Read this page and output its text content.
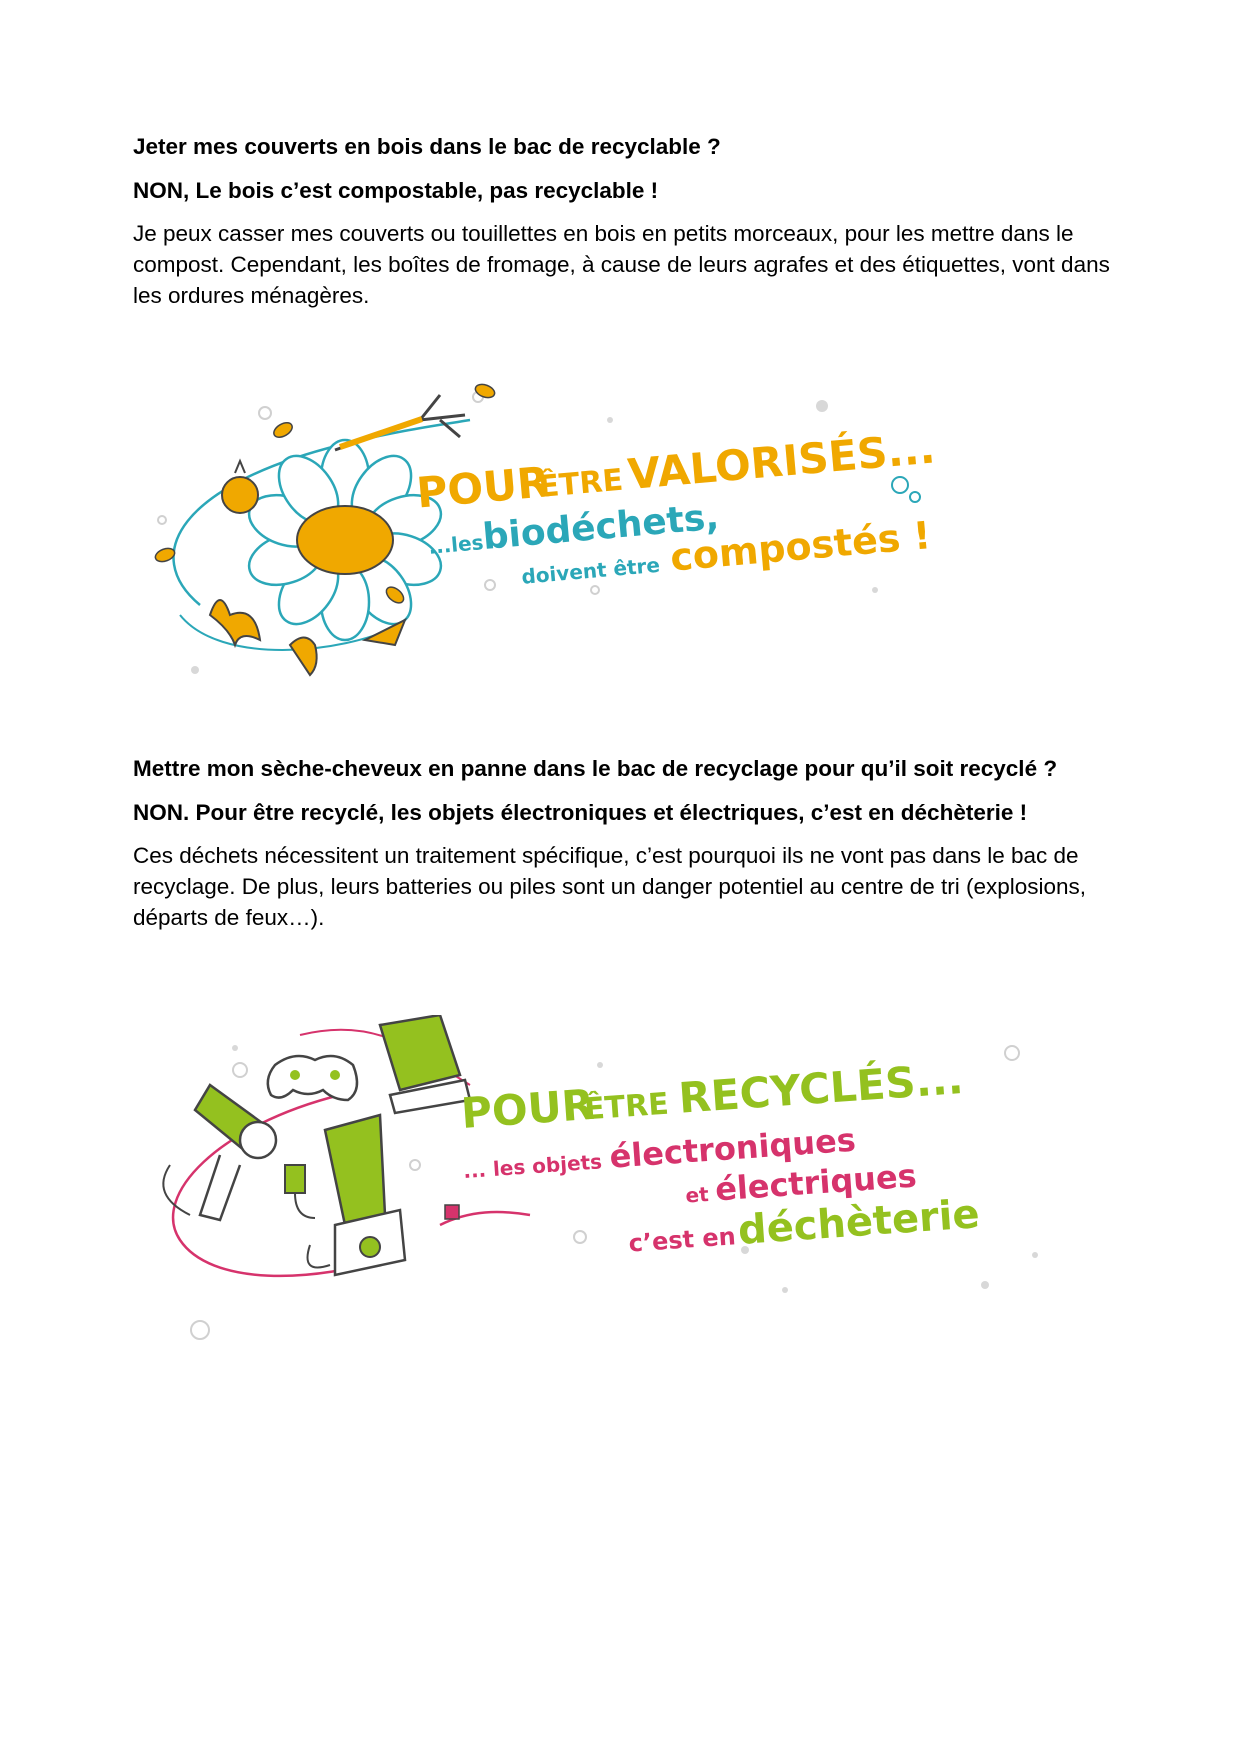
Jeter mes couverts en bois dans le bac de recyclable ?

NON, Le bois c’est compostable, pas recyclable !

Je peux casser mes couverts ou touillettes en bois en petits morceaux, pour les mettre dans le compost. Cependant, les boîtes de fromage, à cause de leurs agrafes et des étiquettes, vont dans les ordures ménagères.

POUR
ÊTRE VALORISÉS...
...les
biodéchets,
doivent être compostés !

Mettre mon sèche-cheveux en panne dans le bac de recyclage pour qu’il soit recyclé ?

NON. Pour être recyclé, les objets électroniques et électriques, c’est en déchèterie !

Ces déchets nécessitent un traitement spécifique, c’est pourquoi ils ne vont pas dans le bac de recyclage. De plus, leurs batteries ou piles sont un danger potentiel au centre de tri (explosions, départs de feux…).

POUR
ÊTRE RECYCLÉS...
... les objets électroniques
et électriques
c’est en déchèterie
